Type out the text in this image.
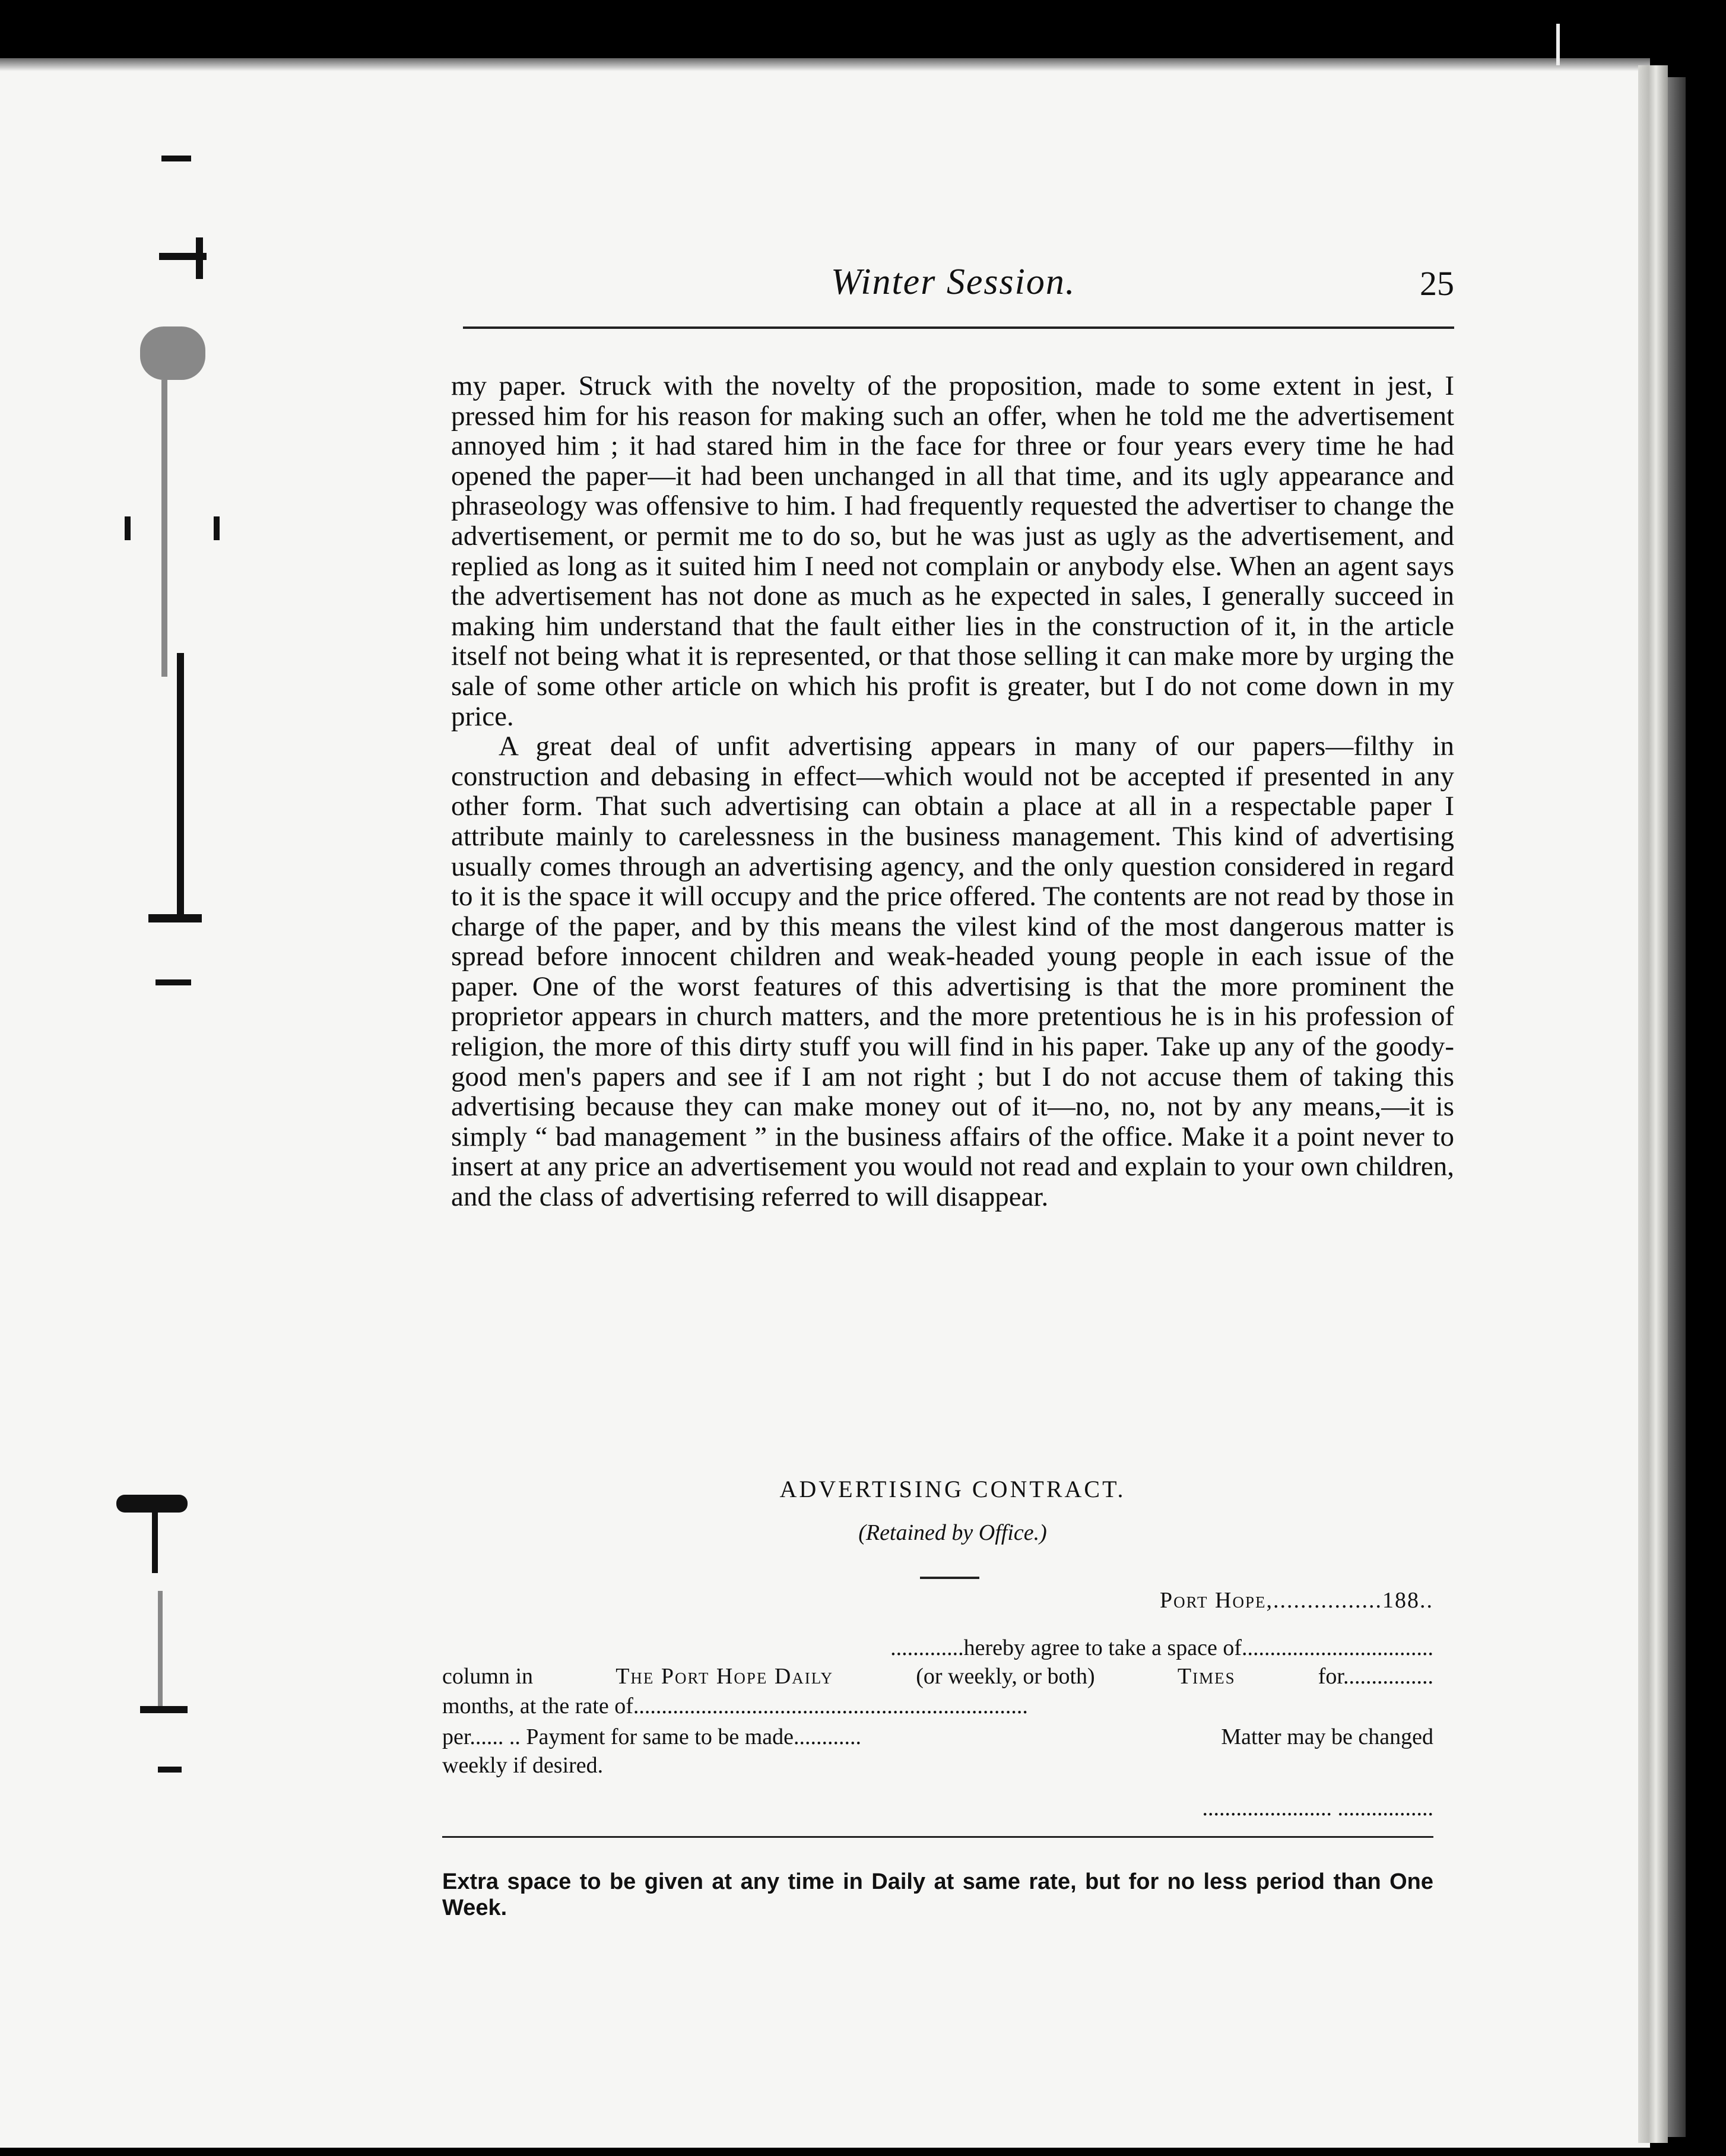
Winter Session.	25

my paper. Struck with the novelty of the proposition, made to some extent in jest, I pressed him for his reason for making such an offer, when he told me the advertisement annoyed him ; it had stared him in the face for three or four years every time he had opened the paper—it had been unchanged in all that time, and its ugly appearance and phraseology was offensive to him. I had frequently requested the advertiser to change the advertisement, or permit me to do so, but he was just as ugly as the advertisement, and replied as long as it suited him I need not complain or anybody else. When an agent says the advertisement has not done as much as he expected in sales, I generally succeed in making him understand that the fault either lies in the construction of it, in the article itself not being what it is represented, or that those selling it can make more by urging the sale of some other article on which his profit is greater, but I do not come down in my price.

A great deal of unfit advertising appears in many of our papers—filthy in construction and debasing in effect—which would not be accepted if presented in any other form. That such advertising can obtain a place at all in a respectable paper I attribute mainly to carelessness in the business management. This kind of advertising usually comes through an advertising agency, and the only question considered in regard to it is the space it will occupy and the price offered. The contents are not read by those in charge of the paper, and by this means the vilest kind of the most dangerous matter is spread before innocent children and weak-headed young people in each issue of the paper. One of the worst features of this advertising is that the more prominent the proprietor appears in church matters, and the more pretentious he is in his profession of religion, the more of this dirty stuff you will find in his paper. Take up any of the goody-good men's papers and see if I am not right ; but I do not accuse them of taking this advertising because they can make money out of it—no, no, not by any means,—it is simply “ bad management ” in the business affairs of the office. Make it a point never to insert at any price an advertisement you would not read and explain to your own children, and the class of advertising referred to will disappear.

ADVERTISING CONTRACT.
(Retained by Office.)
Port Hope,................188..
.............hereby agree to take a space of..................................
column in	The Port Hope Daily	(or weekly, or both)	Times	for................
months, at the rate of......................................................................
per...... .. Payment for same to be made............	Matter may be changed
weekly if desired.
....................... .................
Extra space to be given at any time in Daily at same rate, but for no less period than One Week.
